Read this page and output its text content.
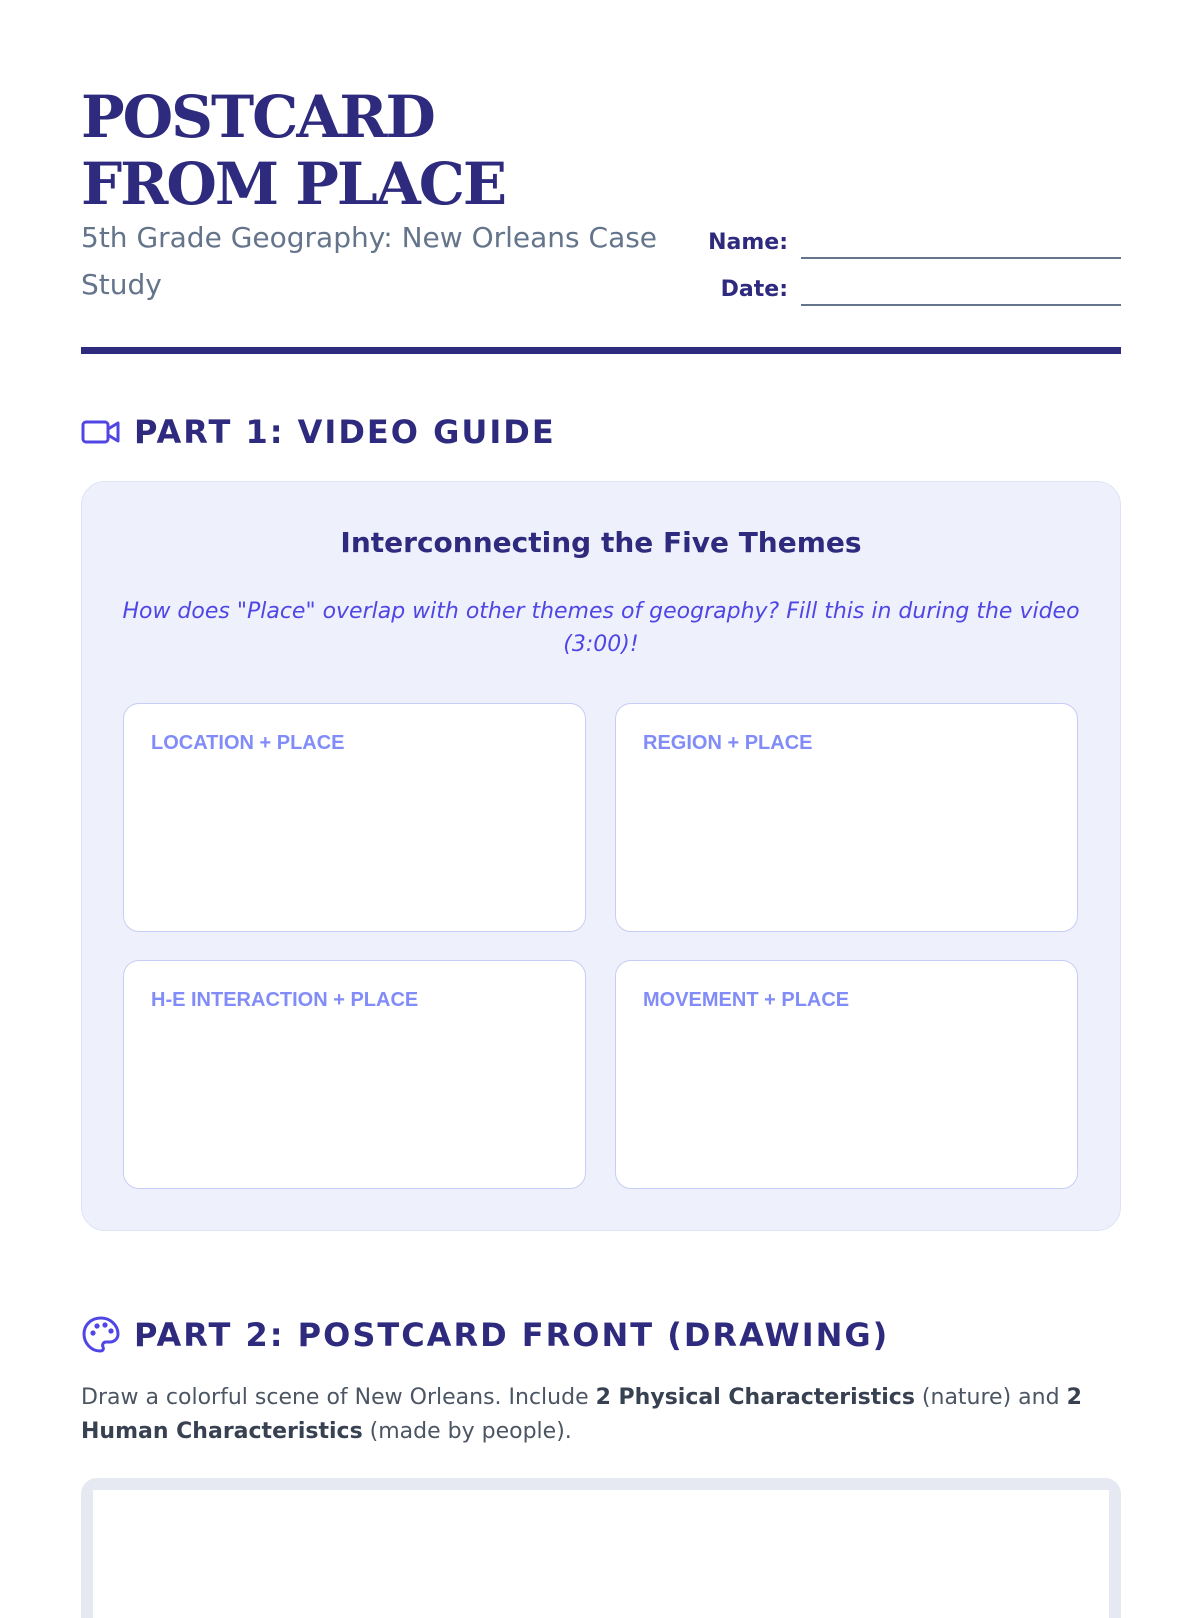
POSTCARD FROM PLACE
5th Grade Geography: New Orleans Case Study
Name:
Date:
PART 1: VIDEO GUIDE
Interconnecting the Five Themes
How does "Place" overlap with other themes of geography? Fill this in during the video (3:00)!
LOCATION + PLACE	REGION + PLACE
H-E INTERACTION + PLACE	MOVEMENT + PLACE
PART 2: POSTCARD FRONT (DRAWING)
Draw a colorful scene of New Orleans. Include 2 Physical Characteristics (nature) and 2 Human Characteristics (made by people).
